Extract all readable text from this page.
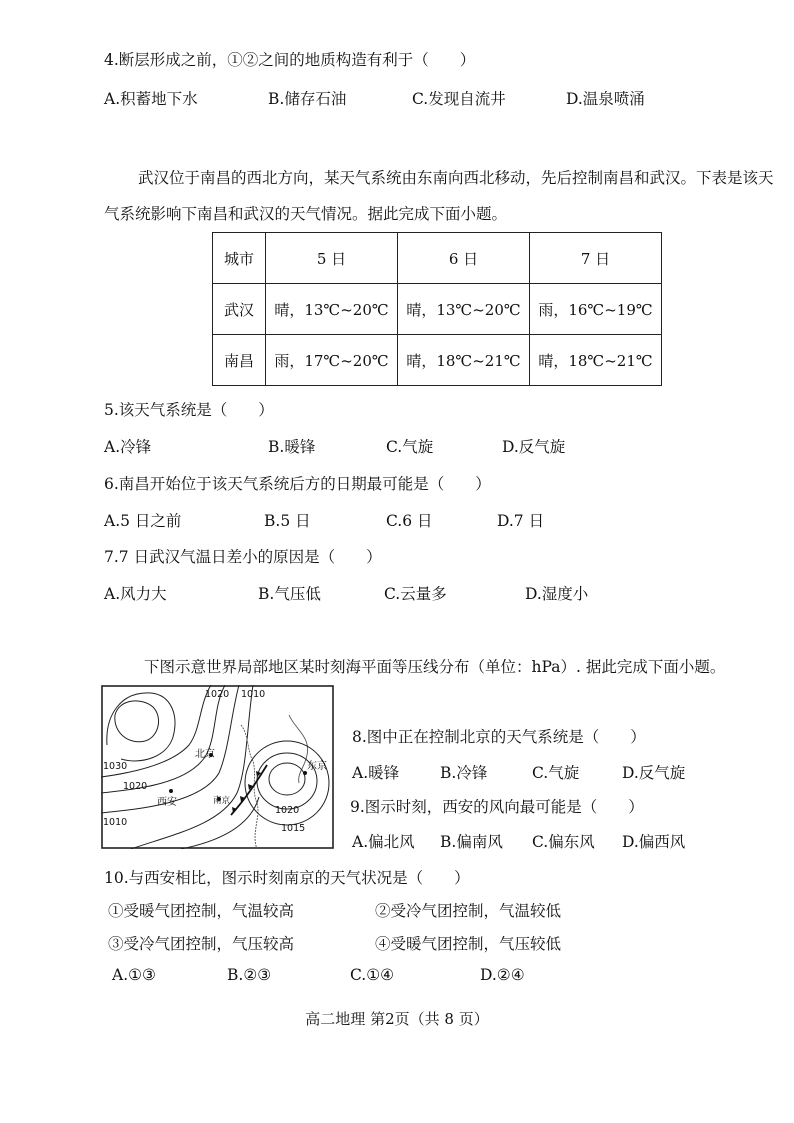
4.断层形成之前，①②之间的地质构造有利于（　　）
A.积蓄地下水	B.储存石油	C.发现自流井	D.温泉喷涌
武汉位于南昌的西北方向，某天气系统由东南向西北移动，先后控制南昌和武汉。下表是该天气系统影响下南昌和武汉的天气情况。据此完成下面小题。
城市	5 日	6 日	7 日
武汉	晴，13℃~20℃	晴，13℃~20℃	雨，16℃~19℃
南昌	雨，17℃~20℃	晴，18℃~21℃	晴，18℃~21℃
5.该天气系统是（　　）
A.冷锋	B.暖锋	C.气旋	D.反气旋
6.南昌开始位于该天气系统后方的日期最可能是（　　）
A.5 日之前	B.5 日	C.6 日	D.7 日
7.7 日武汉气温日差小的原因是（　　）
A.风力大	B.气压低	C.云量多	D.湿度小
下图示意世界局部地区某时刻海平面等压线分布（单位：hPa）. 据此完成下面小题。
1020 1010
1030
1020
1010
1020
1015
北京
东京
西安	南京
8.图中正在控制北京的天气系统是（　　）
A.暖锋	B.冷锋	C.气旋	D.反气旋
9.图示时刻，西安的风向最可能是（　　）
A.偏北风 B.偏南风 C.偏东风 D.偏西风
10.与西安相比，图示时刻南京的天气状况是（　　）
①受暖气团控制，气温较高	②受冷气团控制，气温较低
③受冷气团控制，气压较高	④受暖气团控制，气压较低
A.①③	B.②③	C.①④	D.②④
高二地理 第2页（共 8 页）
